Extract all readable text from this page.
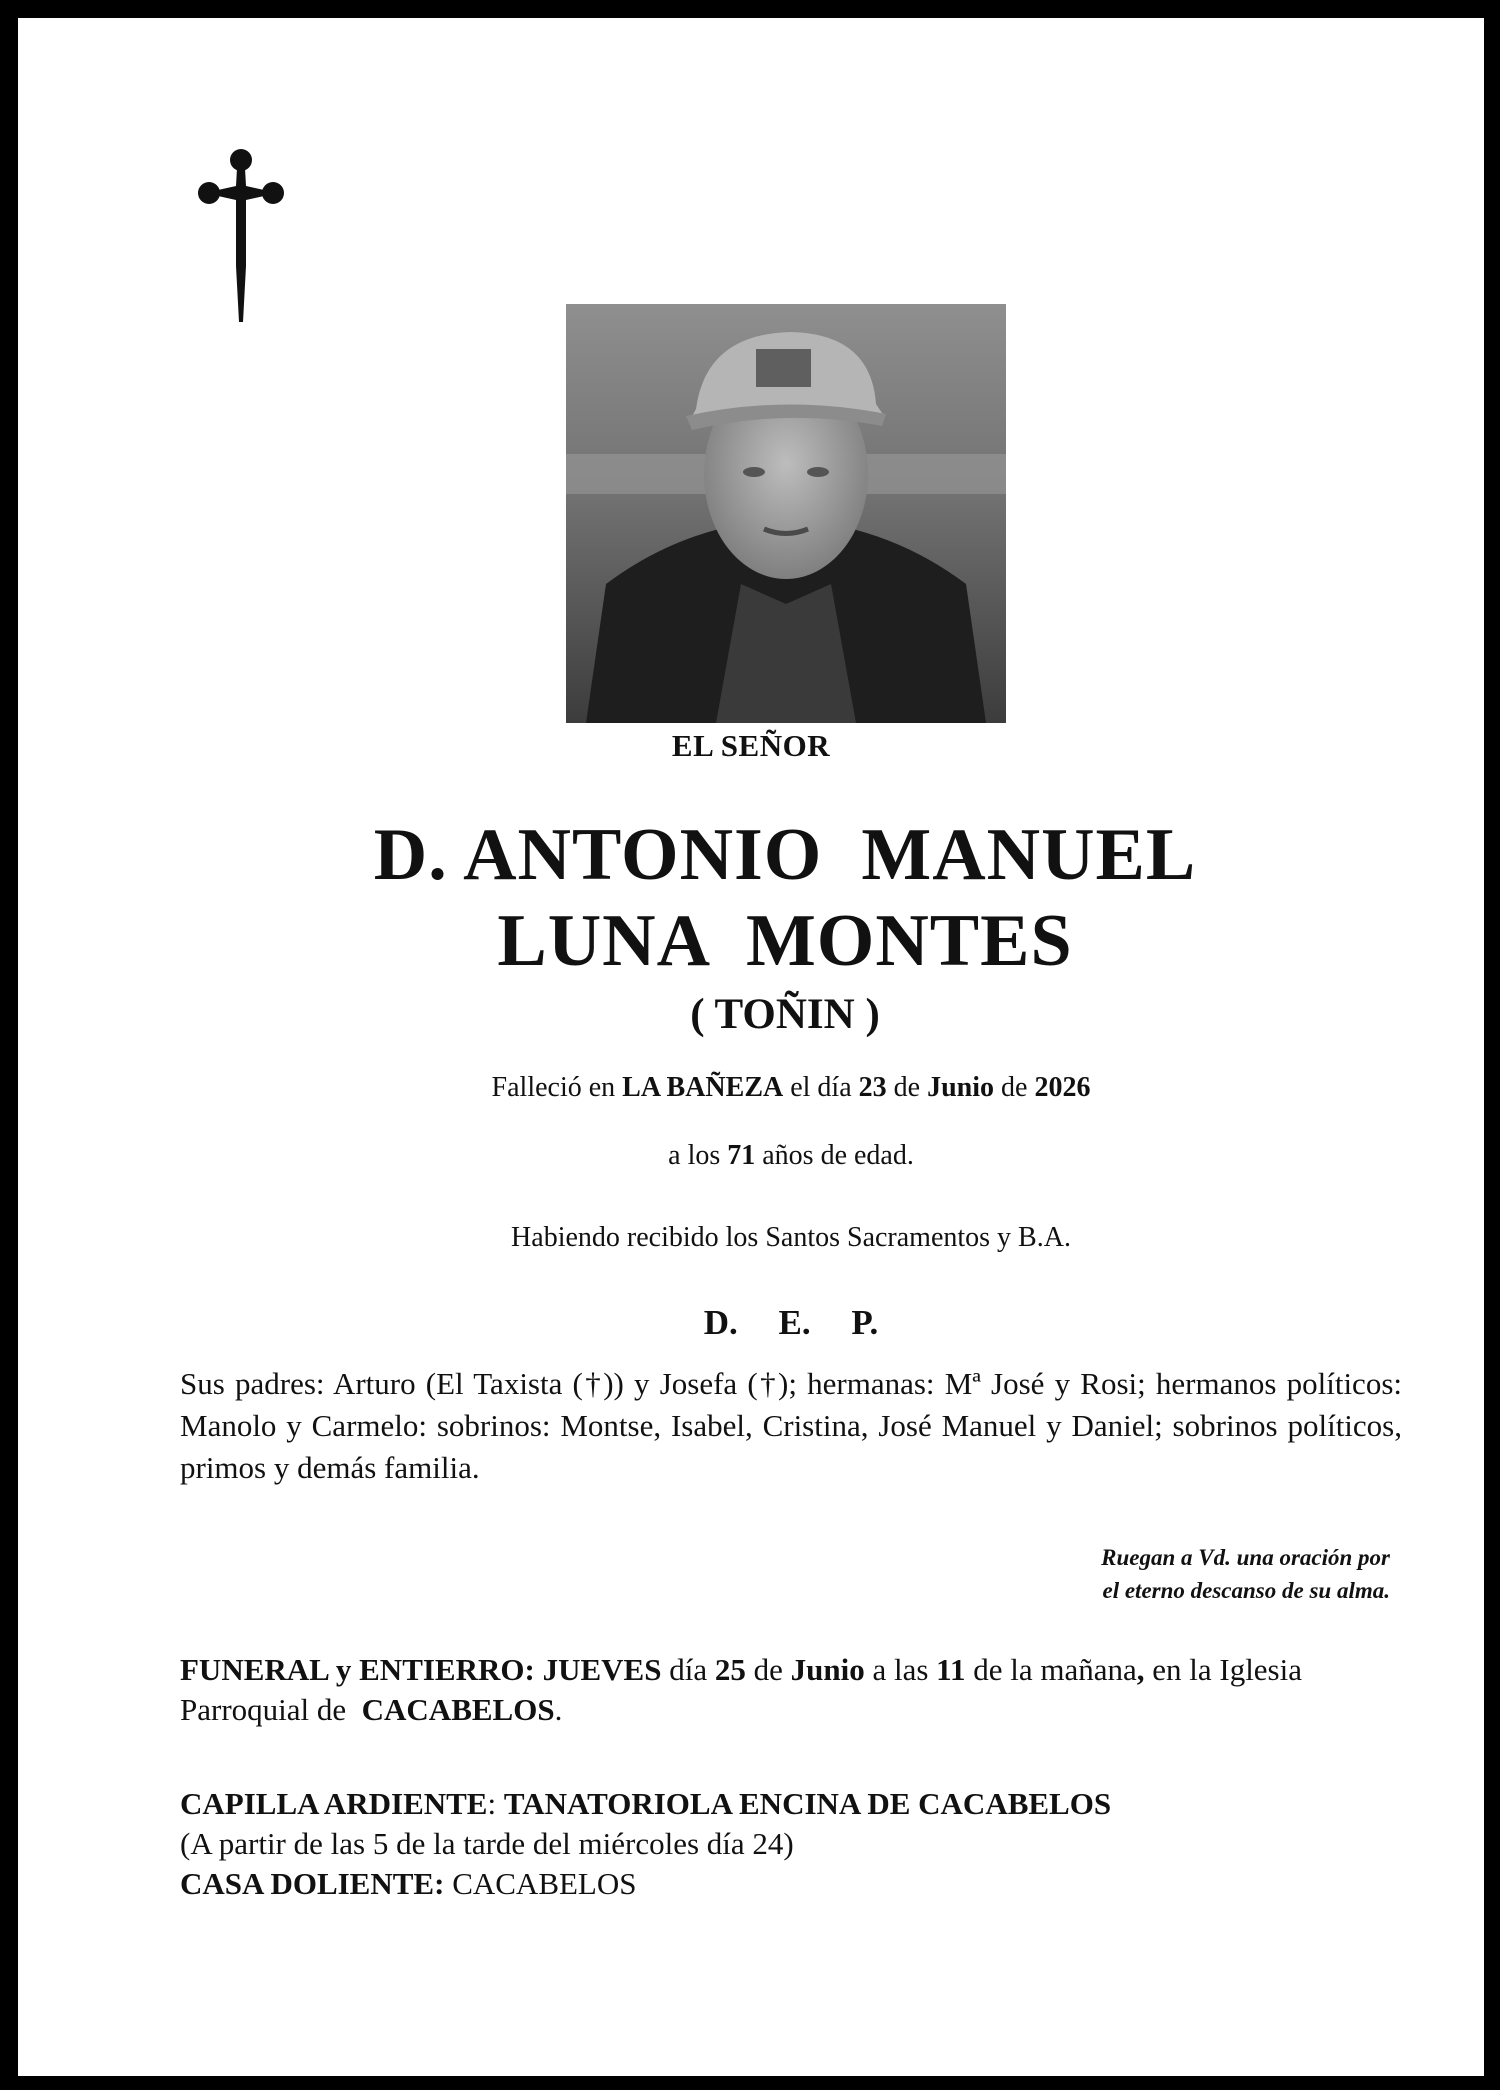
EL SEÑOR
D. ANTONIO  MANUEL
LUNA  MONTES
( TOÑIN )
Falleció en LA BAÑEZA el día 23 de Junio de 2026
a los 71 años de edad.
Habiendo recibido los Santos Sacramentos y B.A.
D. E. P.
Sus padres: Arturo (El Taxista (†)) y Josefa (†); hermanas: Mª José y Rosi; hermanos políticos: Manolo y Carmelo: sobrinos: Montse, Isabel, Cristina, José Manuel y Daniel; sobrinos políticos, primos y demás familia.
Ruegan a Vd. una oración por
el eterno descanso de su alma.
FUNERAL y ENTIERRO: JUEVES día 25 de Junio a las 11 de la mañana, en la Iglesia Parroquial de  CACABELOS.
CAPILLA ARDIENTE: TANATORIOLA ENCINA DE CACABELOS
(A partir de las 5 de la tarde del miércoles día 24)
CASA DOLIENTE: CACABELOS
